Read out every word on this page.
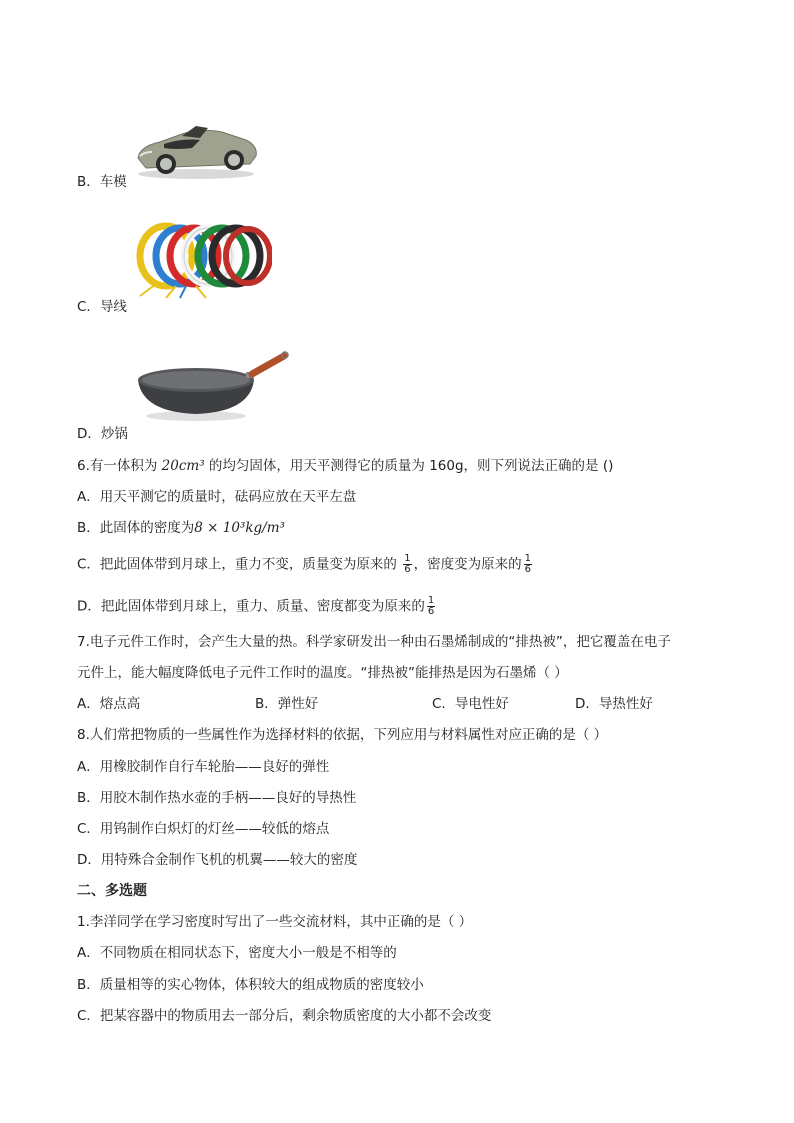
B．车模
C．导线
D．炒锅
6.有一体积为 20cm³ 的均匀固体，用天平测得它的质量为 160g，则下列说法正确的是 ()
A．用天平测它的质量时，砝码应放在天平左盘
B．此固体的密度为8 × 10³kg/m³
C．把此固体带到月球上，重力不变，质量变为原来的 $\frac{1}{6}$ ，密度变为原来的 $\frac{1}{6}$
D．把此固体带到月球上，重力、质量、密度都变为原来的 $\frac{1}{6}$
7.电子元件工作时，会产生大量的热。科学家研发出一种由石墨烯制成的“排热被”，把它覆盖在电子
元件上，能大幅度降低电子元件工作时的温度。“排热被”能排热是因为石墨烯（ ）
A．熔点高	B．弹性好	C．导电性好	D．导热性好
8.人们常把物质的一些属性作为选择材料的依据，下列应用与材料属性对应正确的是（ ）
A．用橡胶制作自行车轮胎——良好的弹性
B．用胶木制作热水壶的手柄——良好的导热性
C．用钨制作白炽灯的灯丝——较低的熔点
D．用特殊合金制作飞机的机翼——较大的密度
二、多选题
1.李洋同学在学习密度时写出了一些交流材料，其中正确的是（ ）
A．不同物质在相同状态下，密度大小一般是不相等的
B．质量相等的实心物体，体积较大的组成物质的密度较小
C．把某容器中的物质用去一部分后，剩余物质密度的大小都不会改变
